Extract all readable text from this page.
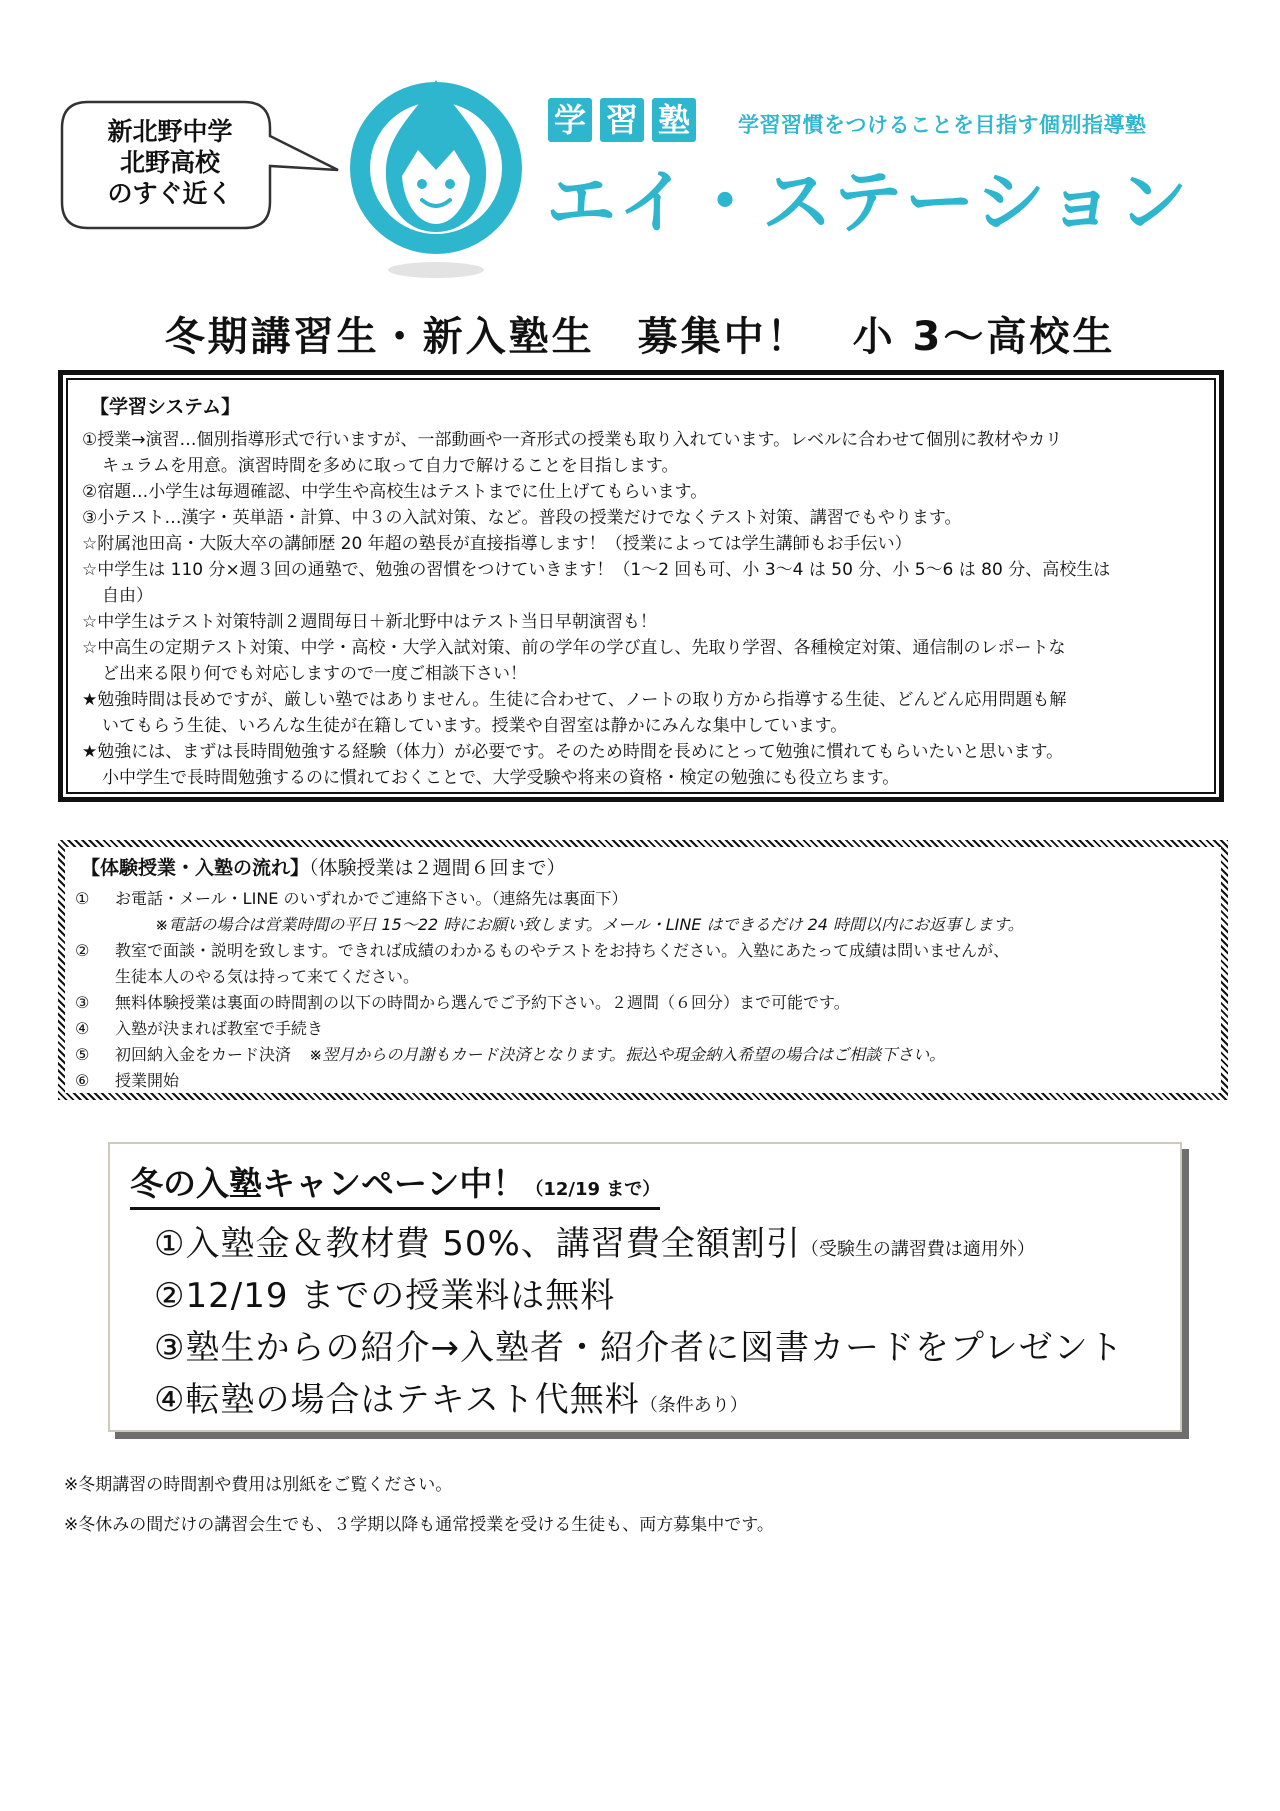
新北野中学
北野高校
のすぐ近く
学 習 塾 学習習慣をつけることを目指す個別指導塾
エイ・ステーション
冬期講習生・新入塾生　募集中！　小 3～高校生
【学習システム】
①授業→演習…個別指導形式で行いますが、一部動画や一斉形式の授業も取り入れています。レベルに合わせて個別に教材やカリ
キュラムを用意。演習時間を多めに取って自力で解けることを目指します。
②宿題…小学生は毎週確認、中学生や高校生はテストまでに仕上げてもらいます。
③小テスト…漢字・英単語・計算、中３の入試対策、など。普段の授業だけでなくテスト対策、講習でもやります。
☆附属池田高・大阪大卒の講師歴 20 年超の塾長が直接指導します！（授業によっては学生講師もお手伝い）
☆中学生は 110 分×週３回の通塾で、勉強の習慣をつけていきます！（1～2 回も可、小 3～4 は 50 分、小 5～6 は 80 分、高校生は
自由）
☆中学生はテスト対策特訓２週間毎日＋新北野中はテスト当日早朝演習も！
☆中高生の定期テスト対策、中学・高校・大学入試対策、前の学年の学び直し、先取り学習、各種検定対策、通信制のレポートな
ど出来る限り何でも対応しますので一度ご相談下さい！
★勉強時間は長めですが、厳しい塾ではありません。生徒に合わせて、ノートの取り方から指導する生徒、どんどん応用問題も解
いてもらう生徒、いろんな生徒が在籍しています。授業や自習室は静かにみんな集中しています。
★勉強には、まずは長時間勉強する経験（体力）が必要です。そのため時間を長めにとって勉強に慣れてもらいたいと思います。
小中学生で長時間勉強するのに慣れておくことで、大学受験や将来の資格・検定の勉強にも役立ちます。
【体験授業・入塾の流れ】（体験授業は２週間６回まで）
①	お電話・メール・LINE のいずれかでご連絡下さい。（連絡先は裏面下）
※電話の場合は営業時間の平日 15～22 時にお願い致します。メール・LINE はできるだけ 24 時間以内にお返事します。
②	教室で面談・説明を致します。できれば成績のわかるものやテストをお持ちください。入塾にあたって成績は問いませんが、
生徒本人のやる気は持って来てください。
③	無料体験授業は裏面の時間割の以下の時間から選んでご予約下さい。２週間（６回分）まで可能です。
④	入塾が決まれば教室で手続き
⑤	初回納入金をカード決済 ※翌月からの月謝もカード決済となります。振込や現金納入希望の場合はご相談下さい。
⑥	授業開始
冬の入塾キャンペーン中！（12/19 まで）
①入塾金＆教材費 50%、講習費全額割引（受験生の講習費は適用外）
②12/19 までの授業料は無料
③塾生からの紹介→入塾者・紹介者に図書カードをプレゼント
④転塾の場合はテキスト代無料（条件あり）
※冬期講習の時間割や費用は別紙をご覧ください。
※冬休みの間だけの講習会生でも、３学期以降も通常授業を受ける生徒も、両方募集中です。
